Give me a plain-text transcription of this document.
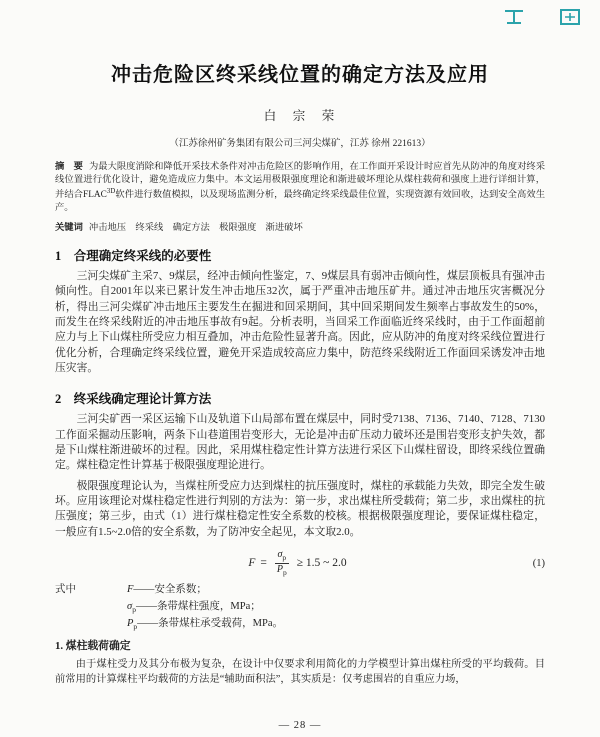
冲击危险区终采线位置的确定方法及应用
白　宗　荣
（江苏徐州矿务集团有限公司三河尖煤矿，江苏 徐州 221613）

摘　要 为最大限度消除和降低开采技术条件对冲击危险区的影响作用，在工作面开采设计时应首先从防冲的角度对终采线位置进行优化设计，避免造成应力集中。本文运用极限强度理论和渐进破坏理论从煤柱载荷和强度上进行详细计算，并结合$FLAC^{3D}$软件进行数值模拟，以及现场监测分析，最终确定终采线最佳位置，实现资源有效回收，达到安全高效生产。

关键词 冲击地压　终采线　确定方法　极限强度　渐进破坏

1　合理确定终采线的必要性

三河尖煤矿主采7、9煤层，经冲击倾向性鉴定，7、9煤层具有弱冲击倾向性，煤层顶板具有强冲击倾向性。自2001年以来已累计发生冲击地压32次，属于严重冲击地压矿井。通过冲击地压灾害概况分析，得出三河尖煤矿冲击地压主要发生在掘进和回采期间，其中回采期间发生频率占事故发生的50%，而发生在终采线附近的冲击地压事故有9起。分析表明，当回采工作面临近终采线时，由于工作面超前应力与上下山煤柱所受应力相互叠加，冲击危险性显著升高。因此，应从防冲的角度对终采线位置进行优化分析，合理确定终采线位置，避免开采造成较高应力集中，防范终采线附近工作面回采诱发冲击地压灾害。

2　终采线确定理论计算方法

三河尖矿西一采区运输下山及轨道下山局部布置在煤层中，同时受7138、7136、7140、7128、7130工作面采掘动压影响，两条下山巷道围岩变形大，无论是冲击矿压动力破坏还是围岩变形支护失效，都是下山煤柱渐进破坏的过程。因此，采用煤柱稳定性计算方法进行采区下山煤柱留设，即终采线位置确定。煤柱稳定性计算基于极限强度理论进行。

极限强度理论认为，当煤柱所受应力达到煤柱的抗压强度时，煤柱的承载能力失效，即完全发生破坏。应用该理论对煤柱稳定性进行判别的方法为：第一步，求出煤柱所受载荷；第二步，求出煤柱的抗压强度；第三步，由式（1）进行煤柱稳定性安全系数的校核。根据极限强度理论，要保证煤柱稳定，一般应有1.5~2.0倍的安全系数，为了防冲安全起见，本文取2.0。

$F = \frac{\sigma_p}{P_p} \ge 1.5$ ~ 2.0	(1)
式中	F——安全系数；
$\sigma_p——$条带煤柱强度，MPa；
$P_p——$条带煤柱承受载荷，MPa。
1. 煤柱载荷确定

由于煤柱受力及其分布极为复杂，在设计中仅要求利用简化的力学模型计算出煤柱所受的平均载荷。目前常用的计算煤柱平均载荷的方法是“辅助面积法”，其实质是：仅考虑围岩的自重应力场，

— 28 —
